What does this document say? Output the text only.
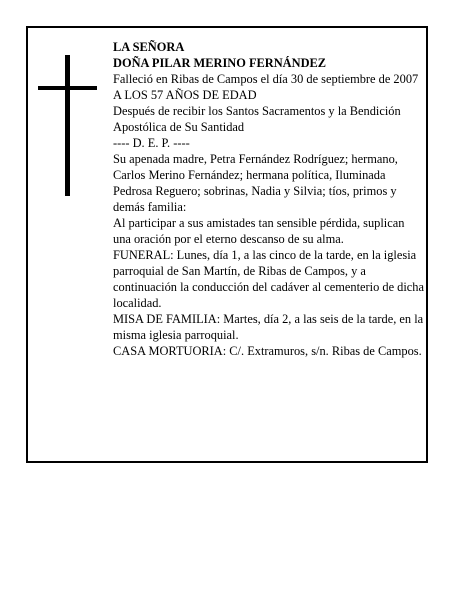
LA SEÑORA

DOÑA PILAR MERINO FERNÁNDEZ

Falleció en Ribas de Campos el día 30 de septiembre de 2007

A LOS 57 AÑOS DE EDAD

Después de recibir los Santos Sacramentos y la Bendición Apostólica de Su Santidad

---- D. E. P. ----

Su apenada madre, Petra Fernández Rodríguez; hermano, Carlos Merino Fernández; hermana política, Iluminada Pedrosa Reguero; sobrinas, Nadia y Silvia; tíos, primos y demás familia:

Al participar a sus amistades tan sensible pérdida, suplican una oración por el eterno descanso de su alma.

FUNERAL: Lunes, día 1, a las cinco de la tarde, en la iglesia parroquial de San Martín, de Ribas de Campos, y a continuación la conducción del cadáver al cementerio de dicha localidad.

MISA DE FAMILIA: Martes, día 2, a las seis de la tarde, en la misma iglesia parroquial.

CASA MORTUORIA: C/. Extramuros, s/n. Ribas de Campos.
